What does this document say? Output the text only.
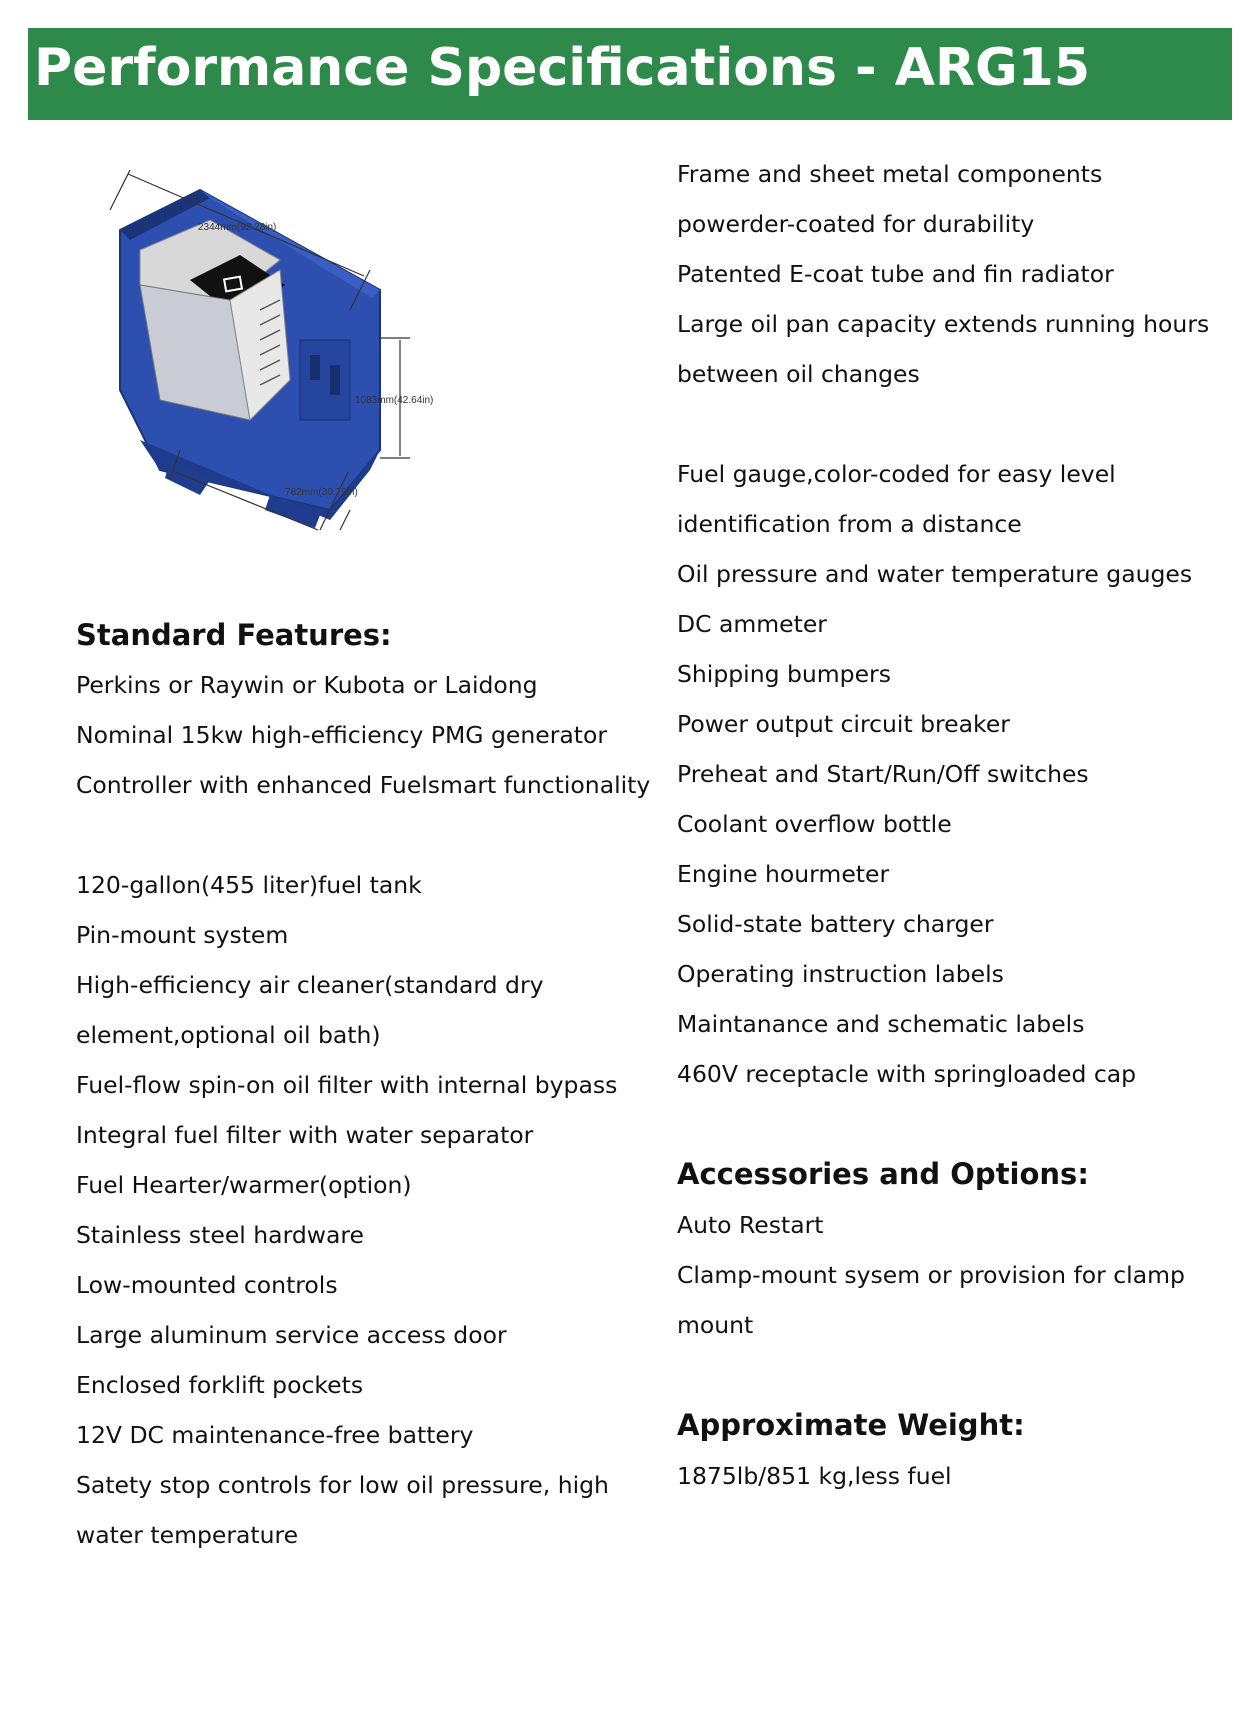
Performance Specifications - ARG15
2344mm(92.28in)
1083mm(42.64in)
782mm(30.79in)
Standard Features:
Perkins or Raywin or Kubota or Laidong
Nominal 15kw high-efficiency PMG generator
Controller with enhanced Fuelsmart functionality
120-gallon(455 liter)fuel tank
Pin-mount system
High-efficiency air cleaner(standard dry
element,optional oil bath)
Fuel-flow spin-on oil filter with internal bypass
Integral fuel filter with water separator
Fuel Hearter/warmer(option)
Stainless steel hardware
Low-mounted controls
Large aluminum service access door
Enclosed forklift pockets
12V DC maintenance-free battery
Satety stop controls for low oil pressure, high
water temperature
Frame and sheet metal components
powerder-coated for durability
Patented E-coat tube and fin radiator
Large oil pan capacity extends running hours
between oil changes
Fuel gauge,color-coded for easy level
identification from a distance
Oil pressure and water temperature gauges
DC ammeter
Shipping bumpers
Power output circuit breaker
Preheat and Start/Run/Off switches
Coolant overflow bottle
Engine hourmeter
Solid-state battery charger
Operating instruction labels
Maintanance and schematic labels
460V receptacle with springloaded cap
Accessories and Options:
Auto Restart
Clamp-mount sysem or provision for clamp
mount
Approximate Weight:
1875lb/851 kg,less fuel
